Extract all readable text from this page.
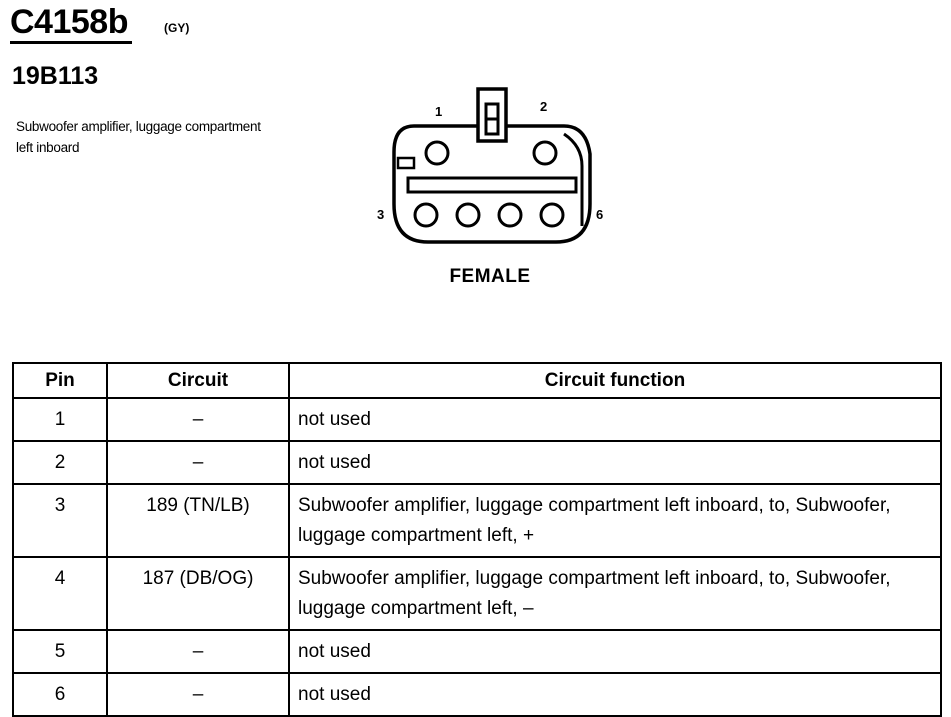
C4158b	(GY)
19B113
Subwoofer amplifier, luggage compartment left inboard
1	2
3	6
FEMALE
Pin	Circuit	Circuit function
1	–	not used
2	–	not used
3	189 (TN/LB)	Subwoofer amplifier, luggage compartment left inboard, to, Subwoofer, luggage compartment left, +
4	187 (DB/OG)	Subwoofer amplifier, luggage compartment left inboard, to, Subwoofer, luggage compartment left, –
5	–	not used
6	–	not used
